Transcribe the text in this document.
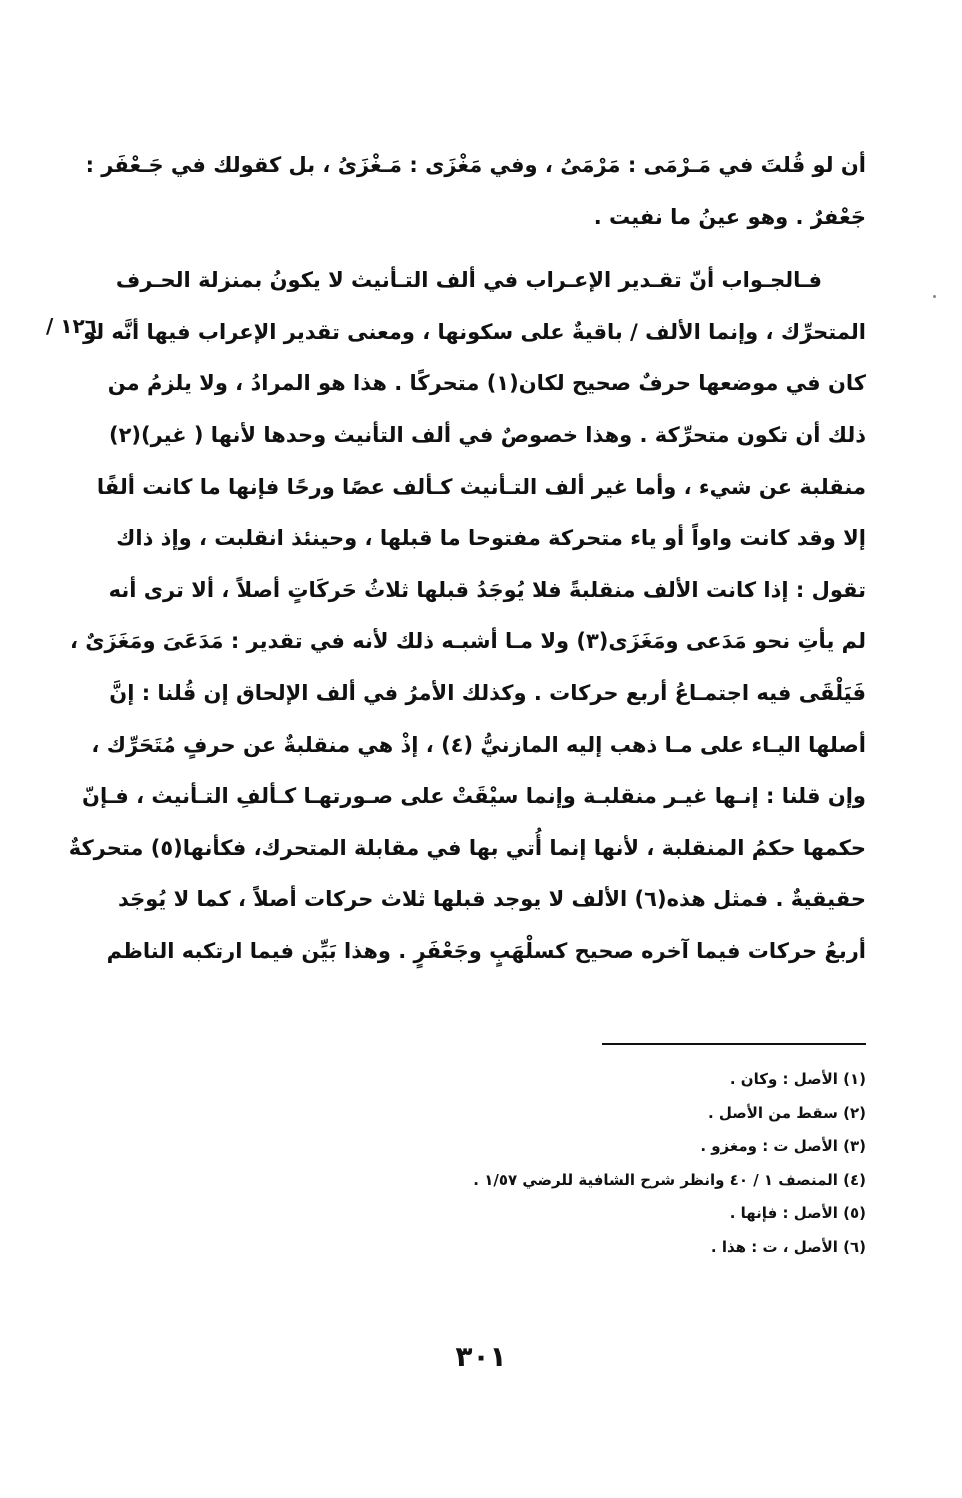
١٢٦ /
أن لو قُلتَ في مَـرْمَى : مَرْمَىُ ، وفي مَغْزَى : مَـغْزَىُ ، بل كقولك في جَـعْفَر :
جَعْفرٌ . وهو عينُ ما نفيت .
فـالجـواب أنّ تقـدير الإعـراب في ألف التـأنيث لا يكونُ بمنزلة الحـرف
المتحرِّك ، وإنما الألف / باقيةٌ على سكونها ، ومعنى تقدير الإعراب فيها أنَّه لو
كان في موضعها حرفٌ صحيح لكان(١) متحركًا . هذا هو المرادُ ، ولا يلزمُ من
ذلك أن تكون متحرِّكة . وهذا خصوصٌ في ألف التأنيث وحدها لأنها ( غير)(٢)
منقلبة عن شيء ، وأما غير ألف التـأنيث كـألف عصًا ورحًا فإنها ما كانت ألفًا
إلا وقد كانت واواً أو ياء متحركة مفتوحا ما قبلها ، وحينئذ انقلبت ، وإذ ذاك
تقول : إذا كانت الألف منقلبةً فلا يُوجَدُ قبلها ثلاثُ حَركَاتٍ أصلاً ، ألا ترى أنه
لم يأتِ نحو مَدَعى ومَغَزَى(٣) ولا مـا أشبـه ذلك لأنه في تقدير : مَدَعَىَ ومَغَزَىٌ ،
فَيَلْقَى فيه اجتمـاعُ أربع حركات . وكذلك الأمرُ في ألف الإلحاق إن قُلنا : إنَّ
أصلها اليـاء على مـا ذهب إليه المازنيُّ (٤) ، إذْ هي منقلبةٌ عن حرفٍ مُتَحَرِّك ،
وإن قلنا : إنـها غيـر منقلبـة وإنما سيْقَتْ على صـورتهـا كـألفِ التـأنيث ، فـإنّ
حكمها حكمُ المنقلبة ، لأنها إنما أُتي بها في مقابلة المتحرك، فكأنها(٥) متحركةٌ
حقيقيةٌ . فمثل هذه(٦) الألف لا يوجد قبلها ثلاث حركات أصلاً ، كما لا يُوجَد
أربعُ حركات فيما آخره صحيح كسلْهَبٍ وجَعْفَرٍ . وهذا بَيِّن فيما ارتكبه الناظم
(١) الأصل : وكان .
(٢) سقط من الأصل .
(٣) الأصل ت : ومغزو .
(٤) المنصف ١ / ٤٠ وانظر شرح الشافية للرضي ١/٥٧ .
(٥) الأصل : فإنها .
(٦) الأصل ، ت : هذا .
٣٠١
